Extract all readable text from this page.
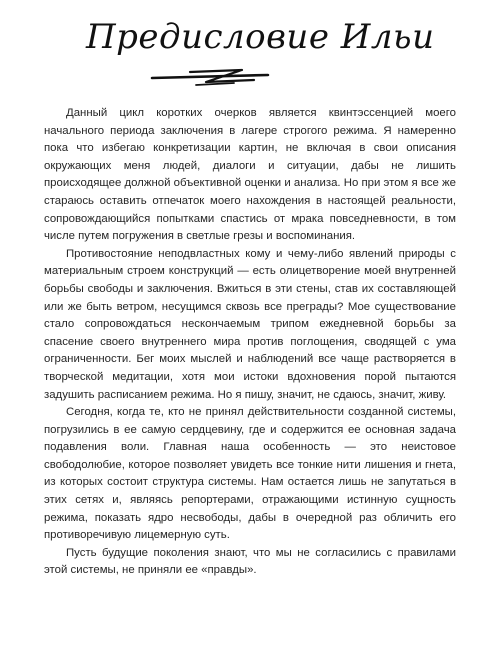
Предисловие Ильи

Данный цикл коротких очерков является квинтэссенцией моего начального периода заключения в лагере строгого режима. Я намеренно пока что избегаю конкретизации картин, не включая в свои описания окружающих меня людей, диалоги и ситуации, дабы не лишить происходящее должной объективной оценки и анализа. Но при этом я все же стараюсь оставить отпечаток моего нахождения в настоящей реальности, сопровождающийся попытками спастись от мрака повседневности, в том числе путем погружения в светлые грезы и воспоминания.

Противостояние неподвластных кому и чему-либо явлений природы с материальным строем конструкций — есть олицетворение моей внутренней борьбы свободы и заключения. Вжиться в эти стены, став их составляющей или же быть ветром, несущимся сквозь все преграды? Мое существование стало сопровождаться нескончаемым трипом ежедневной борьбы за спасение своего внутреннего мира против поглощения, сводящей с ума ограниченности. Бег моих мыслей и наблюдений все чаще растворяется в творческой медитации, хотя мои истоки вдохновения порой пытаются задушить расписанием режима. Но я пишу, значит, не сдаюсь, значит, живу.

Сегодня, когда те, кто не принял действительности созданной системы, погрузились в ее самую сердцевину, где и содержится ее основная задача подавления воли. Главная наша особенность — это неистовое свободолюбие, которое позволяет увидеть все тонкие нити лишения и гнета, из которых состоит структура системы. Нам остается лишь не запутаться в этих сетях и, являясь репортерами, отражающими истинную сущность режима, показать ядро несвободы, дабы в очередной раз обличить его противоречивую лицемерную суть.

Пусть будущие поколения знают, что мы не согласились с правилами этой системы, не приняли ее «правды».
